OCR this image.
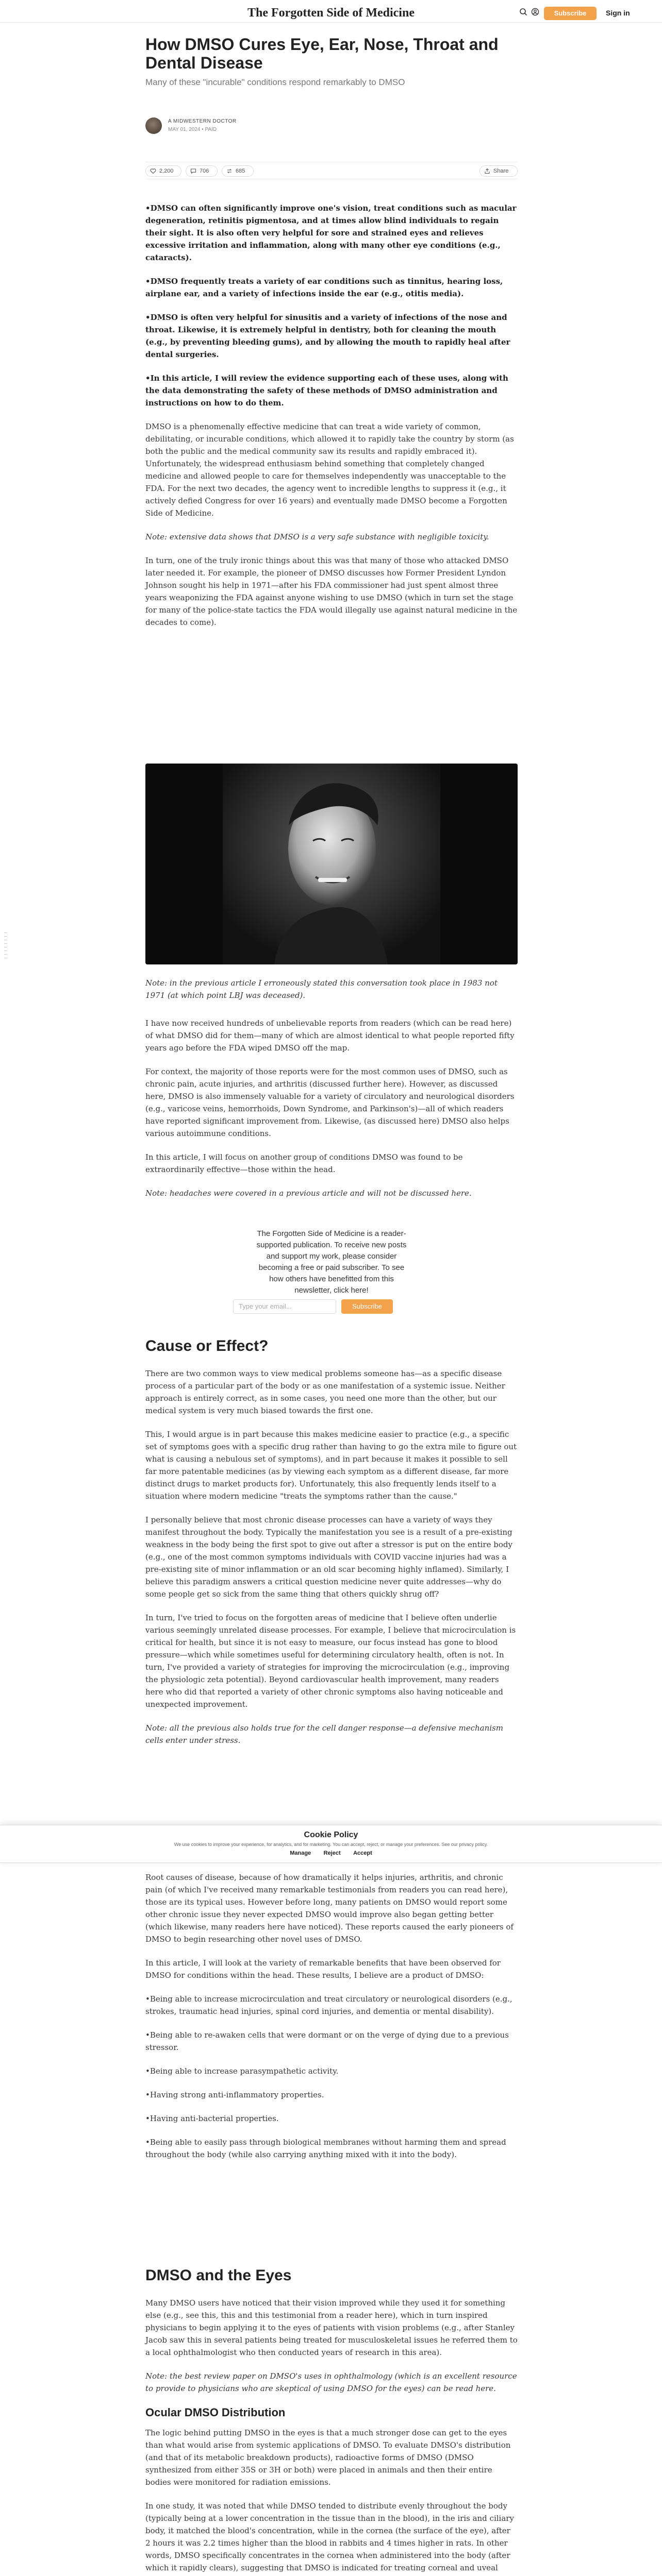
The Forgotten Side of Medicine	Subscribe	Sign in
How DMSO Cures Eye, Ear, Nose, Throat and Dental Disease
Many of these "incurable" conditions respond remarkably to DMSO
A MIDWESTERN DOCTOR
MAY 01, 2024 • PAID
2,200	706	685	Share

•DMSO can often significantly improve one's vision, treat conditions such as macular degeneration, retinitis pigmentosa, and at times allow blind individuals to regain their sight. It is also often very helpful for sore and strained eyes and relieves excessive irritation and inflammation, along with many other eye conditions (e.g., cataracts).

•DMSO frequently treats a variety of ear conditions such as tinnitus, hearing loss, airplane ear, and a variety of infections inside the ear (e.g., otitis media).

•DMSO is often very helpful for sinusitis and a variety of infections of the nose and throat. Likewise, it is extremely helpful in dentistry, both for cleaning the mouth (e.g., by preventing bleeding gums), and by allowing the mouth to rapidly heal after dental surgeries.

•In this article, I will review the evidence supporting each of these uses, along with the data demonstrating the safety of these methods of DMSO administration and instructions on how to do them.

DMSO is a phenomenally effective medicine that can treat a wide variety of common, debilitating, or incurable conditions, which allowed it to rapidly take the country by storm (as both the public and the medical community saw its results and rapidly embraced it). Unfortunately, the widespread enthusiasm behind something that completely changed medicine and allowed people to care for themselves independently was unacceptable to the FDA. For the next two decades, the agency went to incredible lengths to suppress it (e.g., it actively defied Congress for over 16 years) and eventually made DMSO become a Forgotten Side of Medicine.

Note: extensive data shows that DMSO is a very safe substance with negligible toxicity.

In turn, one of the truly ironic things about this was that many of those who attacked DMSO later needed it. For example, the pioneer of DMSO discusses how Former President Lyndon Johnson sought his help in 1971—after his FDA commissioner had just spent almost three years weaponizing the FDA against anyone wishing to use DMSO (which in turn set the stage for many of the police-state tactics the FDA would illegally use against natural medicine in the decades to come).

Note: in the previous article I erroneously stated this conversation took place in 1983 not 1971 (at which point LBJ was deceased).

I have now received hundreds of unbelievable reports from readers (which can be read here) of what DMSO did for them—many of which are almost identical to what people reported fifty years ago before the FDA wiped DMSO off the map.

For context, the majority of those reports were for the most common uses of DMSO, such as chronic pain, acute injuries, and arthritis (discussed further here). However, as discussed here, DMSO is also immensely valuable for a variety of circulatory and neurological disorders (e.g., varicose veins, hemorrhoids, Down Syndrome, and Parkinson's)—all of which readers have reported significant improvement from. Likewise, (as discussed here) DMSO also helps various autoimmune conditions.

In this article, I will focus on another group of conditions DMSO was found to be extraordinarily effective—those within the head.

Note: headaches were covered in a previous article and will not be discussed here.

The Forgotten Side of Medicine is a reader-supported publication. To receive new posts and support my work, please consider becoming a free or paid subscriber. To see how others have benefitted from this newsletter, click here!
Type your email...	Subscribe
Cause or Effect?

There are two common ways to view medical problems someone has—as a specific disease process of a particular part of the body or as one manifestation of a systemic issue. Neither approach is entirely correct, as in some cases, you need one more than the other, but our medical system is very much biased towards the first one.

This, I would argue is in part because this makes medicine easier to practice (e.g., a specific set of symptoms goes with a specific drug rather than having to go the extra mile to figure out what is causing a nebulous set of symptoms), and in part because it makes it possible to sell far more patentable medicines (as by viewing each symptom as a different disease, far more distinct drugs to market products for). Unfortunately, this also frequently lends itself to a situation where modern medicine "treats the symptoms rather than the cause."

I personally believe that most chronic disease processes can have a variety of ways they manifest throughout the body. Typically the manifestation you see is a result of a pre-existing weakness in the body being the first spot to give out after a stressor is put on the entire body (e.g., one of the most common symptoms individuals with COVID vaccine injuries had was a pre-existing site of minor inflammation or an old scar becoming highly inflamed). Similarly, I believe this paradigm answers a critical question medicine never quite addresses—why do some people get so sick from the same thing that others quickly shrug off?

In turn, I've tried to focus on the forgotten areas of medicine that I believe often underlie various seemingly unrelated disease processes. For example, I believe that microcirculation is critical for health, but since it is not easy to measure, our focus instead has gone to blood pressure—which while sometimes useful for determining circulatory health, often is not. In turn, I've provided a variety of strategies for improving the microcirculation (e.g., improving the physiologic zeta potential). Beyond cardiovascular health improvement, many readers here who did that reported a variety of other chronic symptoms also having noticeable and unexpected improvement.

Note: all the previous also holds true for the cell danger response—a defensive mechanism cells enter under stress.

Cookie Policy
We use cookies to improve your experience, for analytics, and for marketing. You can accept, reject, or manage your preferences. See our privacy policy.
Manage Reject Accept

Root causes of disease, because of how dramatically it helps injuries, arthritis, and chronic pain (of which I've received many remarkable testimonials from readers you can read here), those are its typical uses. However before long, many patients on DMSO would report some other chronic issue they never expected DMSO would improve also began getting better (which likewise, many readers here have noticed). These reports caused the early pioneers of DMSO to begin researching other novel uses of DMSO.

In this article, I will look at the variety of remarkable benefits that have been observed for DMSO for conditions within the head. These results, I believe are a product of DMSO:

•Being able to increase microcirculation and treat circulatory or neurological disorders (e.g., strokes, traumatic head injuries, spinal cord injuries, and dementia or mental disability).

•Being able to re-awaken cells that were dormant or on the verge of dying due to a previous stressor.

•Being able to increase parasympathetic activity.

•Having strong anti-inflammatory properties.

•Having anti-bacterial properties.

•Being able to easily pass through biological membranes without harming them and spread throughout the body (while also carrying anything mixed with it into the body).

DMSO and the Eyes

Many DMSO users have noticed that their vision improved while they used it for something else (e.g., see this, this and this testimonial from a reader here), which in turn inspired physicians to begin applying it to the eyes of patients with vision problems (e.g., after Stanley Jacob saw this in several patients being treated for musculoskeletal issues he referred them to a local ophthalmologist who then conducted years of research in this area).

Note: the best review paper on DMSO's uses in ophthalmology (which is an excellent resource to provide to physicians who are skeptical of using DMSO for the eyes) can be read here.

Ocular DMSO Distribution

The logic behind putting DMSO in the eyes is that a much stronger dose can get to the eyes than what would arise from systemic applications of DMSO. To evaluate DMSO's distribution (and that of its metabolic breakdown products), radioactive forms of DMSO (DMSO synthesized from either 35S or 3H or both) were placed in animals and then their entire bodies were monitored for radiation emissions.

In one study, it was noted that while DMSO tended to distribute evenly throughout the body (typically being at a lower concentration in the tissue than in the blood), in the iris and ciliary body, it matched the blood's concentration, while in the cornea (the surface of the eye), after 2 hours it was 2.2 times higher than the blood in rabbits and 4 times higher in rats. In other words, DMSO specifically concentrates in the cornea when administered into the body (after which it rapidly clears), suggesting that DMSO is indicated for treating corneal and uveal
